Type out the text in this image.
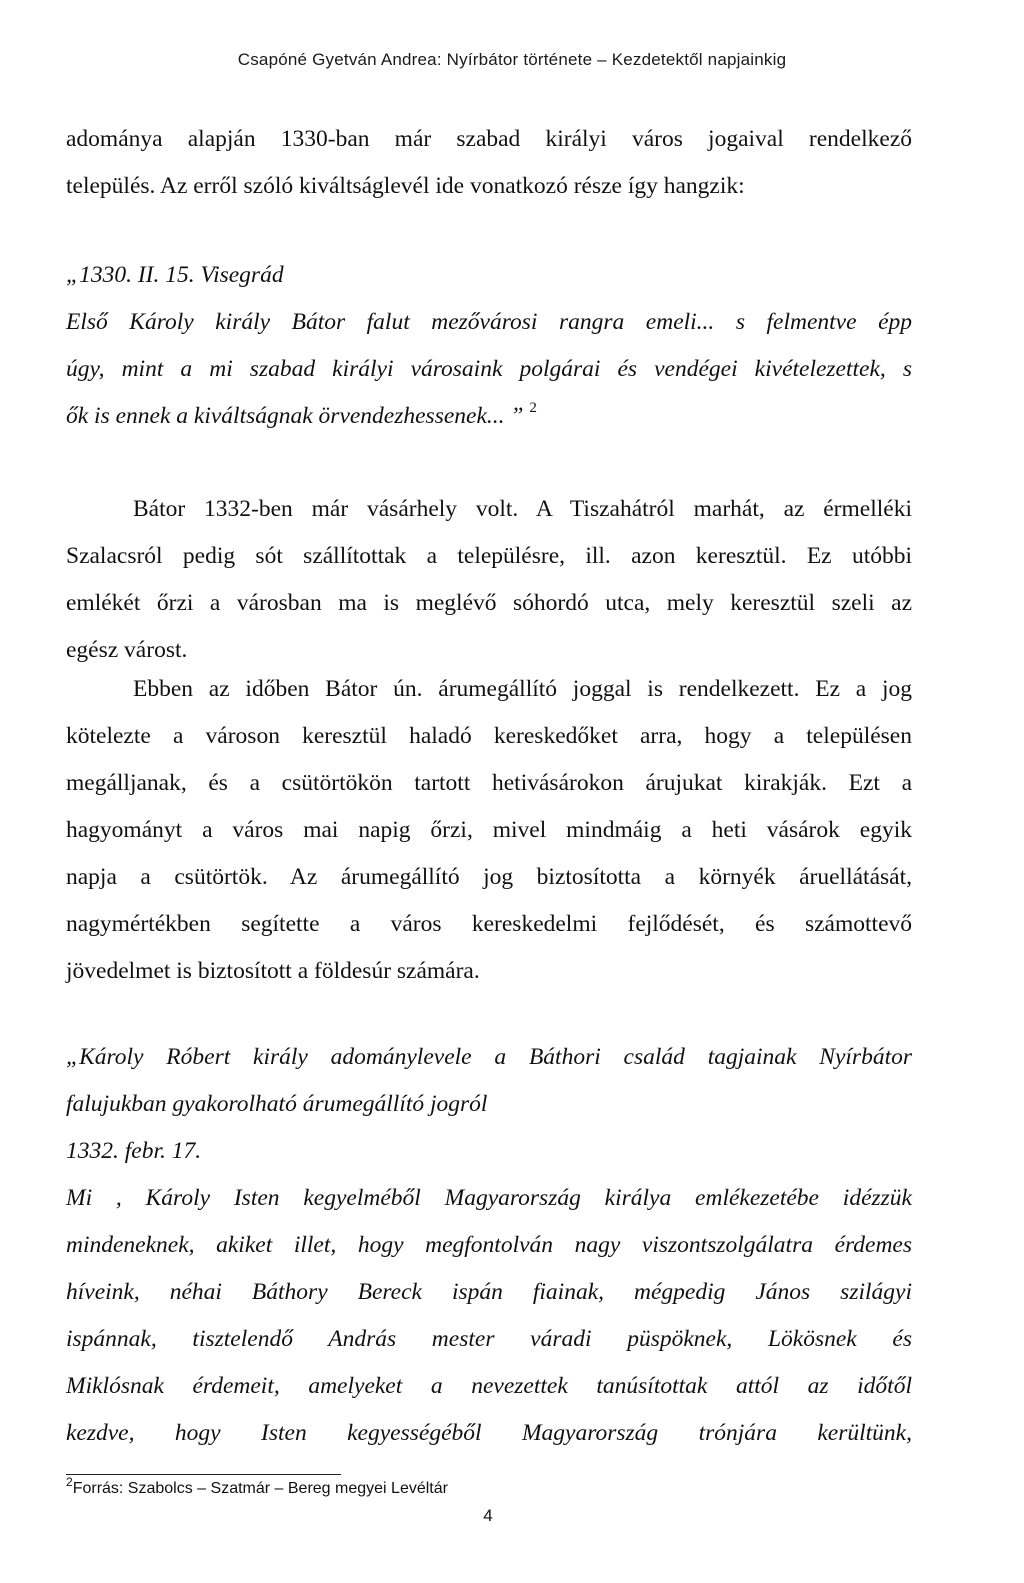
Csapóné Gyetván Andrea: Nyírbátor története – Kezdetektől napjainkig
adománya alapján 1330-ban már szabad királyi város jogaival rendelkező
település. Az erről szóló kiváltságlevél ide vonatkozó része így hangzik:
„1330. II. 15. Visegrád
Első Károly király Bátor falut mezővárosi rangra emeli... s felmentve épp
úgy, mint a mi szabad királyi városaink polgárai és vendégei kivételezettek, s
ők is ennek a kiváltságnak örvendezhessenek... ” $^2$
Bátor 1332-ben már vásárhely volt. A Tiszahátról marhát, az érmelléki
Szalacsról pedig sót szállítottak a településre, ill. azon keresztül. Ez utóbbi
emlékét őrzi a városban ma is meglévő sóhordó utca, mely keresztül szeli az
egész várost.
Ebben az időben Bátor ún. árumegállító joggal is rendelkezett. Ez a jog
kötelezte a városon keresztül haladó kereskedőket arra, hogy a településen
megálljanak, és a csütörtökön tartott hetivásárokon árujukat kirakják. Ezt a
hagyományt a város mai napig őrzi, mivel mindmáig a heti vásárok egyik
napja a csütörtök. Az árumegállító jog biztosította a környék áruellátását,
nagymértékben segítette a város kereskedelmi fejlődését, és számottevő
jövedelmet is biztosított a földesúr számára.
„Károly Róbert király adománylevele a Báthori család tagjainak Nyírbátor
falujukban gyakorolható árumegállító jogról
1332. febr. 17.
Mi , Károly Isten kegyelméből Magyarország királya emlékezetébe idézzük
mindeneknek, akiket illet, hogy megfontolván nagy viszontszolgálatra érdemes
híveink, néhai Báthory Bereck ispán fiainak, mégpedig János szilágyi
ispánnak, tisztelendő András mester váradi püspöknek, Lökösnek és
Miklósnak érdemeit, amelyeket a nevezettek tanúsítottak attól az időtől
kezdve, hogy Isten kegyességéből Magyarország trónjára kerültünk,
$^2$Forrás: Szabolcs – Szatmár – Bereg megyei Levéltár
4
